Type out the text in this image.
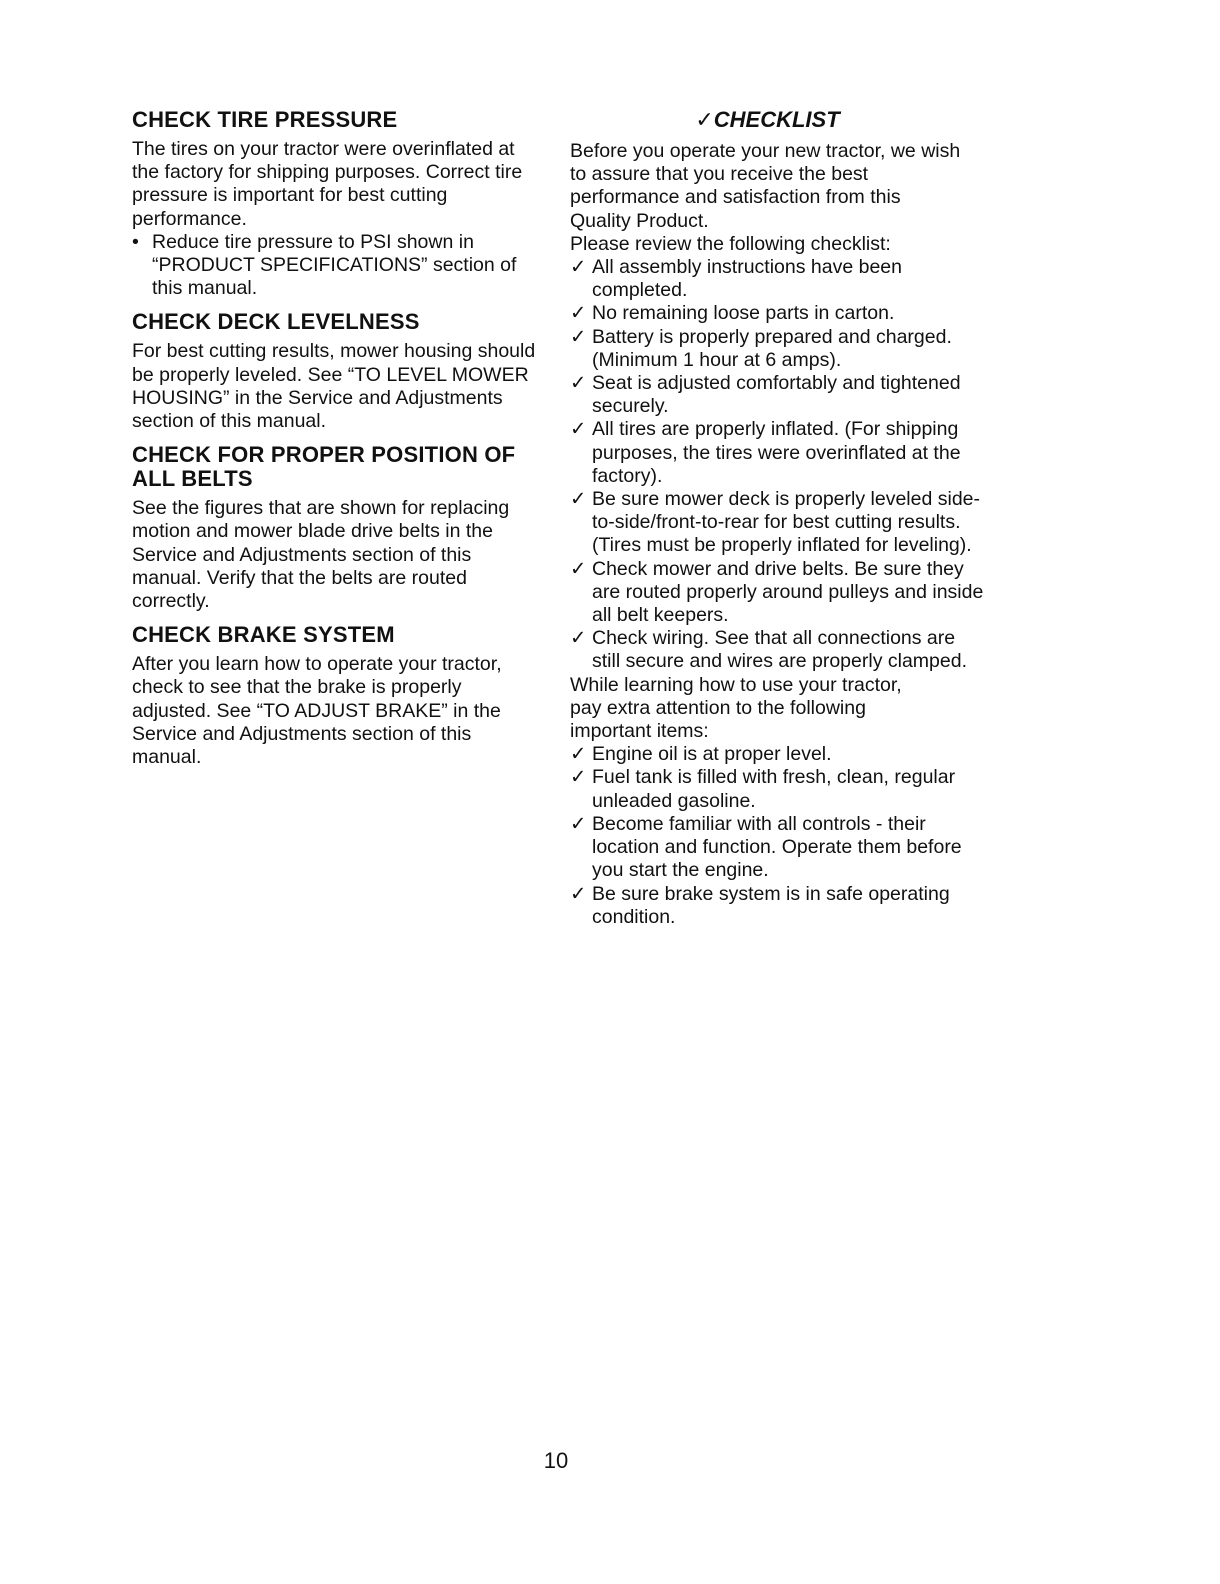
CHECK TIRE PRESSURE

The tires on your tractor were overinflated at the factory for shipping purposes. Correct tire pressure is important for best cutting performance.

• Reduce tire pressure to PSI shown in “PRODUCT SPECIFICATIONS” section of this manual.

CHECK DECK LEVELNESS

For best cutting results, mower housing should be properly leveled. See “TO LEVEL MOWER HOUSING” in the Service and Adjustments section of this manual.

CHECK FOR PROPER POSITION OF ALL BELTS

See the figures that are shown for replacing motion and mower blade drive belts in the Service and Adjustments section of this manual. Verify that the belts are routed correctly.

CHECK BRAKE SYSTEM

After you learn how to operate your tractor, check to see that the brake is properly adjusted. See “TO ADJUST BRAKE” in the Service and Adjustments section of this manual.

✓CHECKLIST

Before you operate your new tractor, we wish to assure that you receive the best performance and satisfaction from this Quality Product.

Please review the following checklist:

✓ All assembly instructions have been completed.

✓ No remaining loose parts in carton.

✓ Battery is properly prepared and charged. (Minimum 1 hour at 6 amps).

✓ Seat is adjusted comfortably and tightened securely.

✓ All tires are properly inflated. (For shipping purposes, the tires were overinflated at the factory).

✓ Be sure mower deck is properly leveled side-to-side/front-to-rear for best cutting results. (Tires must be properly inflated for leveling).

✓ Check mower and drive belts. Be sure they are routed properly around pulleys and inside all belt keepers.

✓ Check wiring. See that all connections are still secure and wires are properly clamped.

While learning how to use your tractor, pay extra attention to the following important items:

✓ Engine oil is at proper level.

✓ Fuel tank is filled with fresh, clean, regular unleaded gasoline.

✓ Become familiar with all controls - their location and function. Operate them before you start the engine.

✓ Be sure brake system is in safe operating condition.

10
